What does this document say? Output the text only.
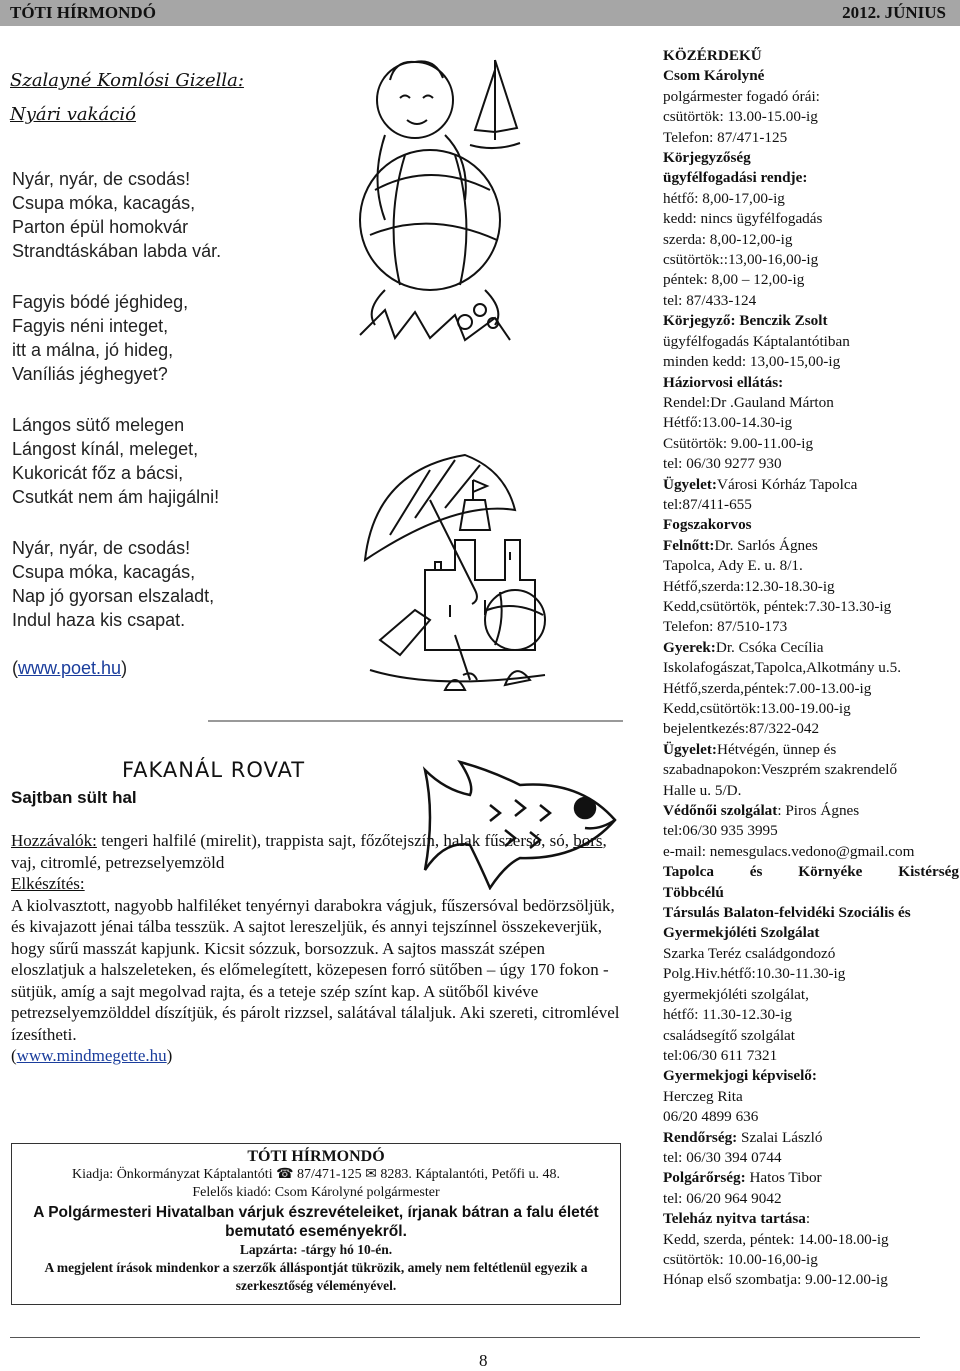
TÓTI HÍRMONDÓ	2012. JÚNIUS
Szalayné Komlósi Gizella:
Nyári vakáció
Nyár, nyár, de csodás!
Csupa móka, kacagás,
Parton épül homokvár
Strandtáskában labda vár.
Fagyis bódé jéghideg,
Fagyis néni integet,
itt a málna, jó hideg,
Vaníliás jéghegyet?
Lángos sütő melegen
Lángost kínál, meleget,
Kukoricát főz a bácsi,
Csutkát nem ám hajigálni!
Nyár, nyár, de csodás!
Csupa móka, kacagás,
Nap jó gyorsan elszaladt,
Indul haza kis csapat.
(www.poet.hu)
FAKANÁL ROVAT
Sajtban sült hal

Hozzávalók: tengeri halfilé (mirelit), trappista sajt, főzőtejszín, halak fűszersó, só, bors, vaj, citromlé, petrezselyemzöld

Elkészítés:

A kiolvasztott, nagyobb halfiléket tenyérnyi darabokra vágjuk, fűszersóval bedörzsöljük, és kivajazott jénai tálba tesszük. A sajtot lereszeljük, és annyi tejszínnel összekeverjük, hogy sűrű masszát kapjunk. Kicsit sózzuk, borsozzuk. A sajtos masszát szépen eloszlatjuk a halszeleteken, és előmelegített, közepesen forró sütőben – úgy 170 fokon - sütjük, amíg a sajt megolvad rajta, és a teteje szép színt kap. A sütőből kivéve petrezselyemzölddel díszítjük, és párolt rizzsel, salátával tálaljuk. Aki szereti, citromlével ízesítheti.

(www.mindmegette.hu)

TÓTI HÍRMONDÓ
Kiadja: Önkormányzat Káptalantóti ☎ 87/471-125 ✉ 8283. Káptalantóti, Petőfi u. 48.
Felelős kiadó: Csom Károlyné polgármester
A Polgármesteri Hivatalban várjuk észrevételeiket, írjanak bátran a falu életét bemutató eseményekről.
Lapzárta: -tárgy hó 10-én.
A megjelent írások mindenkor a szerzők álláspontját tükrözik, amely nem feltétlenül egyezik a szerkesztőség véleményével.
KÖZÉRDEKŰ
Csom Károlyné
polgármester fogadó órái:
csütörtök: 13.00-15.00-ig
Telefon: 87/471-125
Körjegyzőség
ügyfélfogadási rendje:
hétfő: 8,00-17,00-ig
kedd: nincs ügyfélfogadás
szerda: 8,00-12,00-ig
csütörtök::13,00-16,00-ig
péntek: 8,00 – 12,00-ig
tel: 87/433-124
Körjegyző: Benczik Zsolt
ügyfélfogadás Káptalantótiban
minden kedd: 13,00-15,00-ig
Háziorvosi ellátás:
Rendel:Dr .Gauland Márton
Hétfő:13.00-14.30-ig
Csütörtök: 9.00-11.00-ig
tel: 06/30 9277 930
Ügyelet:Városi Kórház Tapolca
tel:87/411-655
Fogszakorvos
Felnőtt:Dr. Sarlós Ágnes
Tapolca, Ady E. u. 8/1.
Hétfő,szerda:12.30-18.30-ig
Kedd,csütörtök, péntek:7.30-13.30-ig
Telefon: 87/510-173
Gyerek:Dr. Csóka Cecília
Iskolafogászat,Tapolca,Alkotmány u.5.
Hétfő,szerda,péntek:7.00-13.00-ig
Kedd,csütörtök:13.00-19.00-ig
bejelentkezés:87/322-042
Ügyelet:Hétvégén, ünnep és
szabadnapokon:Veszprém szakrendelő
Halle u. 5/D.
Védőnői szolgálat: Piros Ágnes
tel:06/30 935 3995
e-mail: nemesgulacs.vedono@gmail.com
Tapolca és Környéke Kistérség
Többcélú
Társulás Balaton-felvidéki Szociális és
Gyermekjóléti Szolgálat
Szarka Teréz családgondozó
Polg.Hiv.hétfő:10.30-11.30-ig
gyermekjóléti szolgálat,
hétfő: 11.30-12.30-ig
családsegítő szolgálat
tel:06/30 611 7321
Gyermekjogi képviselő:
Herczeg Rita
06/20 4899 636
Rendőrség: Szalai László
tel: 06/30 394 0744
Polgárőrség: Hatos Tibor
tel: 06/20 964 9042
Teleház nyitva tartása:
Kedd, szerda, péntek: 14.00-18.00-ig
csütörtök: 10.00-16,00-ig
Hónap első szombatja: 9.00-12.00-ig
8
